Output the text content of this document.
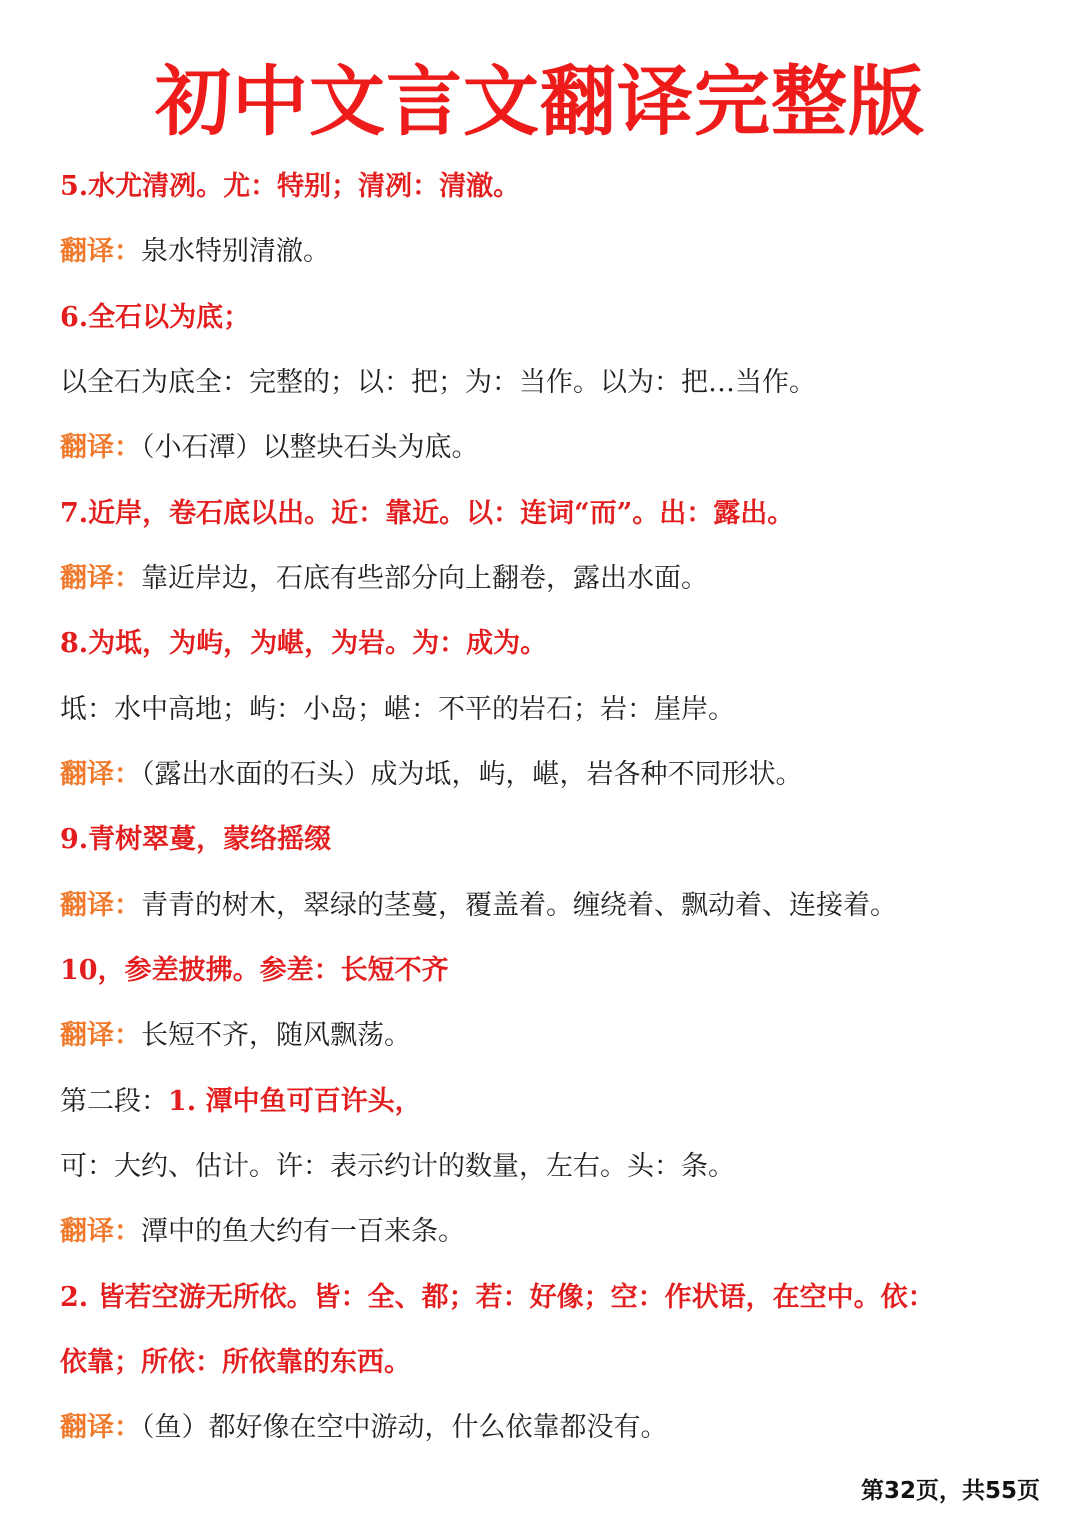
初中文言文翻译完整版
5.水尤清冽。尤：特别；清冽：清澈。
翻译：泉水特别清澈。
6.全石以为底；
以全石为底全：完整的；以：把；为：当作。以为：把…当作。
翻译：（小石潭）以整块石头为底。
7.近岸，卷石底以出。近：靠近。以：连词“而”。出：露出。
翻译：靠近岸边，石底有些部分向上翻卷，露出水面。
8.为坻，为屿，为嵁，为岩。为：成为。
坻：水中高地；屿：小岛；嵁：不平的岩石；岩：崖岸。
翻译：（露出水面的石头）成为坻，屿，嵁，岩各种不同形状。
9.青树翠蔓，蒙络摇缀
翻译：青青的树木，翠绿的茎蔓，覆盖着。缠绕着、飘动着、连接着。
10，参差披拂。参差：长短不齐
翻译：长短不齐，随风飘荡。
第二段：1. 潭中鱼可百许头，
可：大约、估计。许：表示约计的数量，左右。头：条。
翻译：潭中的鱼大约有一百来条。
2. 皆若空游无所依。皆：全、都；若：好像；空：作状语，在空中。依：
依靠；所依：所依靠的东西。
翻译：（鱼）都好像在空中游动，什么依靠都没有。
第32页，共55页
